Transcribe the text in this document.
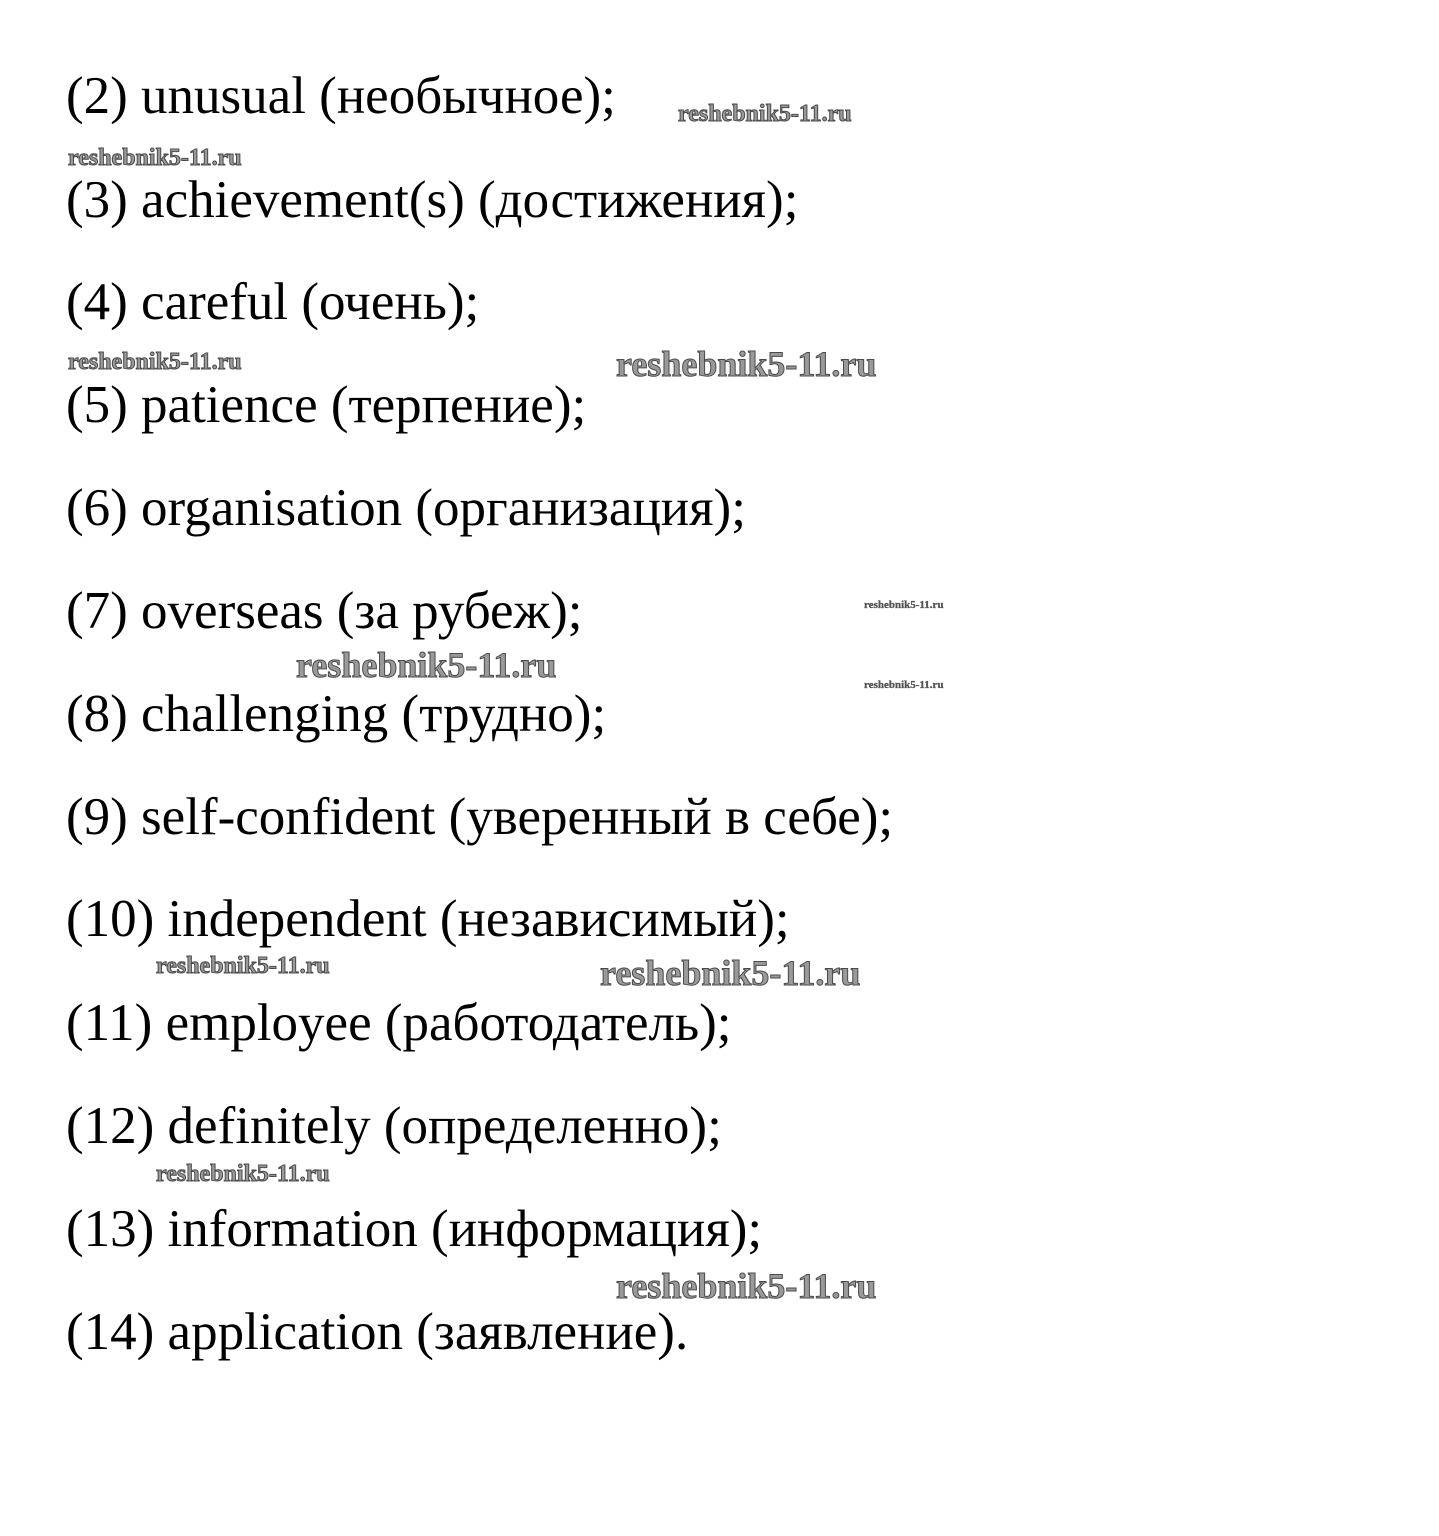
(2) unusual (необычное);
(3) achievement(s) (достижения);
(4) careful (очень);
(5) patience (терпение);
(6) organisation (организация);
(7) overseas (за рубеж);
(8) challenging (трудно);
(9) self-confident (уверенный в себе);
(10) independent (независимый);
(11) employee (работодатель);
(12) definitely (определенно);
(13) information (информация);
(14) application (заявление).
reshebnik5-11.ru
reshebnik5-11.ru
reshebnik5-11.ru	reshebnik5-11.ru
reshebnik5-11.ru
reshebnik5-11.ru	reshebnik5-11.ru
reshebnik5-11.ru	reshebnik5-11.ru
reshebnik5-11.ru
reshebnik5-11.ru
